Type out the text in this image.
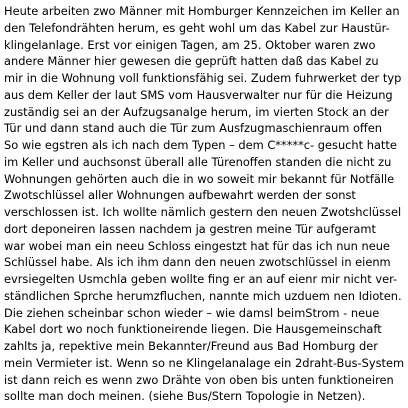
Heute arbeiten zwo Männer mit Homburger Kennzeichen im Keller an
den Telefondrähten herum, es geht wohl um das Kabel zur Haustür-
klingelanlage. Erst vor einigen Tagen, am 25. Oktober waren zwo
andere Männer hier gewesen die geprüft hatten daß das Kabel zu
mir in die Wohnung voll funktionsfähig sei. Zudem fuhrwerket der typ
aus dem Keller der laut SMS vom Hausverwalter nur für die Heizung
zuständig sei an der Aufzugsanalge herum, im vierten Stock an der
Tür und dann stand auch die Tür zum Ausfzugmaschienraum offen
So wie egstren als ich nach dem Typen – dem C*****c- gesucht hatte
im Keller und auchsonst überall alle Türenoffen standen die nicht zu
Wohnungen gehörten auch die in wo soweit mir bekannt für Notfälle
Zwotschlüssel aller Wohnungen aufbewahrt werden der sonst
verschlossen ist. Ich wollte nämlich gestern den neuen Zwotshclüssel
dort deponeiren lassen nachdem ja gestren meine Tür aufgeramt
war wobei man ein neeu Schloss eingestzt hat für das ich nun neue
Schlüssel habe. Als ich ihm dann den neuen zwotschlüssel in eienm
evrsiegelten Usmchla geben wollte fing er an auf eienr mir nicht ver-
ständlichen Sprche herumzfluchen, nannte mich uzduem nen Idioten.
Die ziehen scheinbar schon wieder – wie damsl beimStrom - neue
Kabel dort wo noch funktioneirende liegen. Die Hausgemeinschaft
zahlts ja, repektive mein Bekannter/Freund aus Bad Homburg der
mein Vermieter ist. Wenn so ne Klingelanalage ein 2draht-Bus-System
ist dann reich es wenn zwo Drähte von oben bis unten funktioneiren
sollte man doch meinen. (siehe Bus/Stern Topologie in Netzen).
